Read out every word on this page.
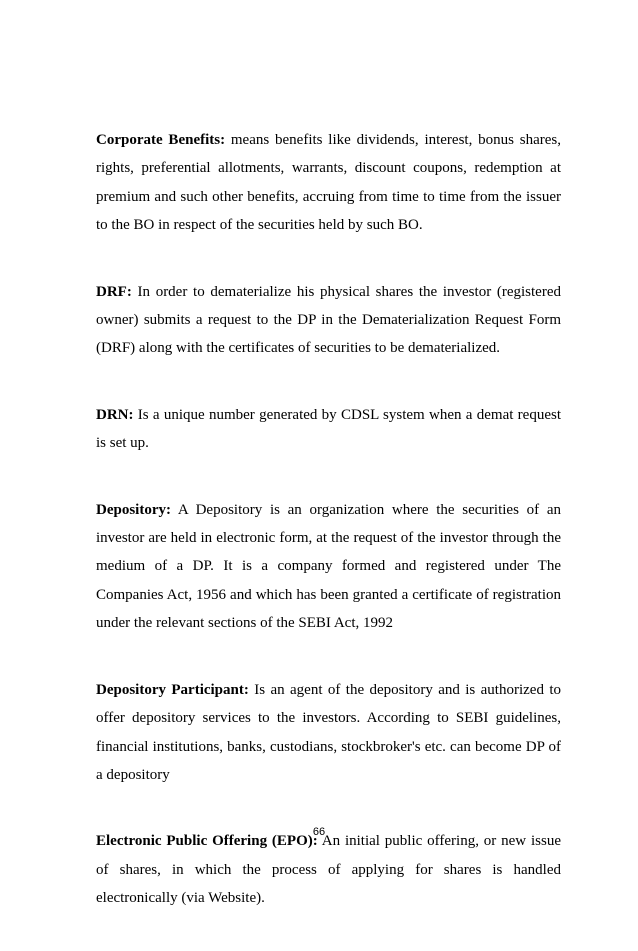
Corporate Benefits: means benefits like dividends, interest, bonus shares, rights, preferential allotments, warrants, discount coupons, redemption at premium and such other benefits, accruing from time to time from the issuer to the BO in respect of the securities held by such BO.

DRF: In order to dematerialize his physical shares the investor (registered owner) submits a request to the DP in the Dematerialization Request Form (DRF) along with the certificates of securities to be dematerialized.

DRN: Is a unique number generated by CDSL system when a demat request is set up.

Depository: A Depository is an organization where the securities of an investor are held in electronic form, at the request of the investor through the medium of a DP. It is a company formed and registered under The Companies Act, 1956 and which has been granted a certificate of registration under the relevant sections of the SEBI Act, 1992

Depository Participant: Is an agent of the depository and is authorized to offer depository services to the investors. According to SEBI guidelines, financial institutions, banks, custodians, stockbroker's etc. can become DP of a depository

Electronic Public Offering (EPO): An initial public offering, or new issue of shares, in which the process of applying for shares is handled electronically (via Website).

66
